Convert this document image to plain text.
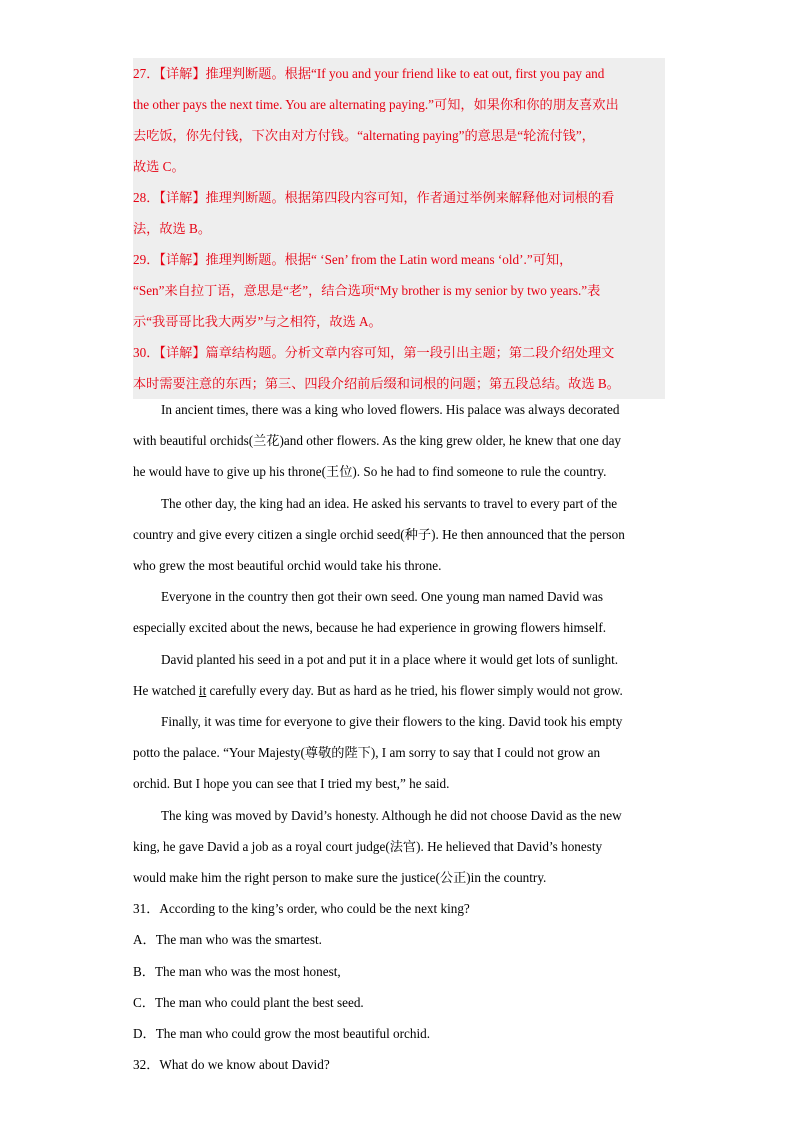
27．【详解】推理判断题。根据“If you and your friend like to eat out, first you pay and

the other pays the next time. You are alternating paying.”可知，如果你和你的朋友喜欢出

去吃饭，你先付钱，下次由对方付钱。“alternating paying”的意思是“轮流付钱”，

故选 C。

28．【详解】推理判断题。根据第四段内容可知，作者通过举例来解释他对词根的看

法，故选 B。

29．【详解】推理判断题。根据“ ‘Sen’ from the Latin word means ‘old’.”可知，

“Sen”来自拉丁语，意思是“老”，结合选项“My brother is my senior by two years.”表

示“我哥哥比我大两岁”与之相符，故选 A。

30．【详解】篇章结构题。分析文章内容可知，第一段引出主题；第二段介绍处理文

本时需要注意的东西；第三、四段介绍前后缀和词根的问题；第五段总结。故选 B。

In ancient times, there was a king who loved flowers. His palace was always decorated

with beautiful orchids(兰花)and other flowers. As the king grew older, he knew that one day

he would have to give up his throne(王位). So he had to find someone to rule the country.

The other day, the king had an idea. He asked his servants to travel to every part of the

country and give every citizen a single orchid seed(种子). He then announced that the person

who grew the most beautiful orchid would take his throne.

Everyone in the country then got their own seed. One young man named David was

especially excited about the news, because he had experience in growing flowers himself.

David planted his seed in a pot and put it in a place where it would get lots of sunlight.

He watched it carefully every day. But as hard as he tried, his flower simply would not grow.

Finally, it was time for everyone to give their flowers to the king. David took his empty

potto the palace. “Your Majesty(尊敬的陛下), I am sorry to say that I could not grow an

orchid. But I hope you can see that I tried my best,” he said.

The king was moved by David’s honesty. Although he did not choose David as the new

king, he gave David a job as a royal court judge(法官). He helieved that David’s honesty

would make him the right person to make sure the justice(公正)in the country.

31．According to the king’s order, who could be the next king?

A．The man who was the smartest.

B．The man who was the most honest,

C．The man who could plant the best seed.

D．The man who could grow the most beautiful orchid.

32．What do we know about David?
